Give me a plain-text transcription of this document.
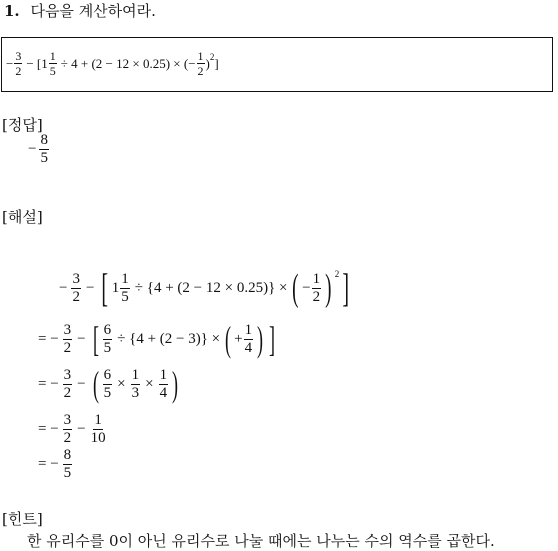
1. 다음을 계산하여라.
− $\frac{3}{2} - [1 \frac{1}{5} \div 4 + (2 - 12 \times 0.25)$ × (− $\frac{1}{2}$ ) 2 ]
[정답]
− $\frac{8}{5}$
[해설]
− $\frac{3}{2}$ − [ $1 \frac{1}{5} \div \{4 + (2 - 12 \times 0.25)\}$ × ( − $\frac{1}{2}$ ) 2 ]
= − $\frac{3}{2}$ − [ $\frac{6}{5} \div \{4 + (2 - 3)\}$ × ( + $\frac{1}{4}$ ) ]
= − $\frac{3}{2}$ − ( $\frac{6}{5} \times \frac{1}{3} \times \frac{1}{4}$ )
= − $\frac{3}{2} - \frac{1}{10}$
= − $\frac{8}{5}$
[힌트]
한 유리수를 0이 아닌 유리수로 나눌 때에는 나누는 수의 역수를 곱한다.
